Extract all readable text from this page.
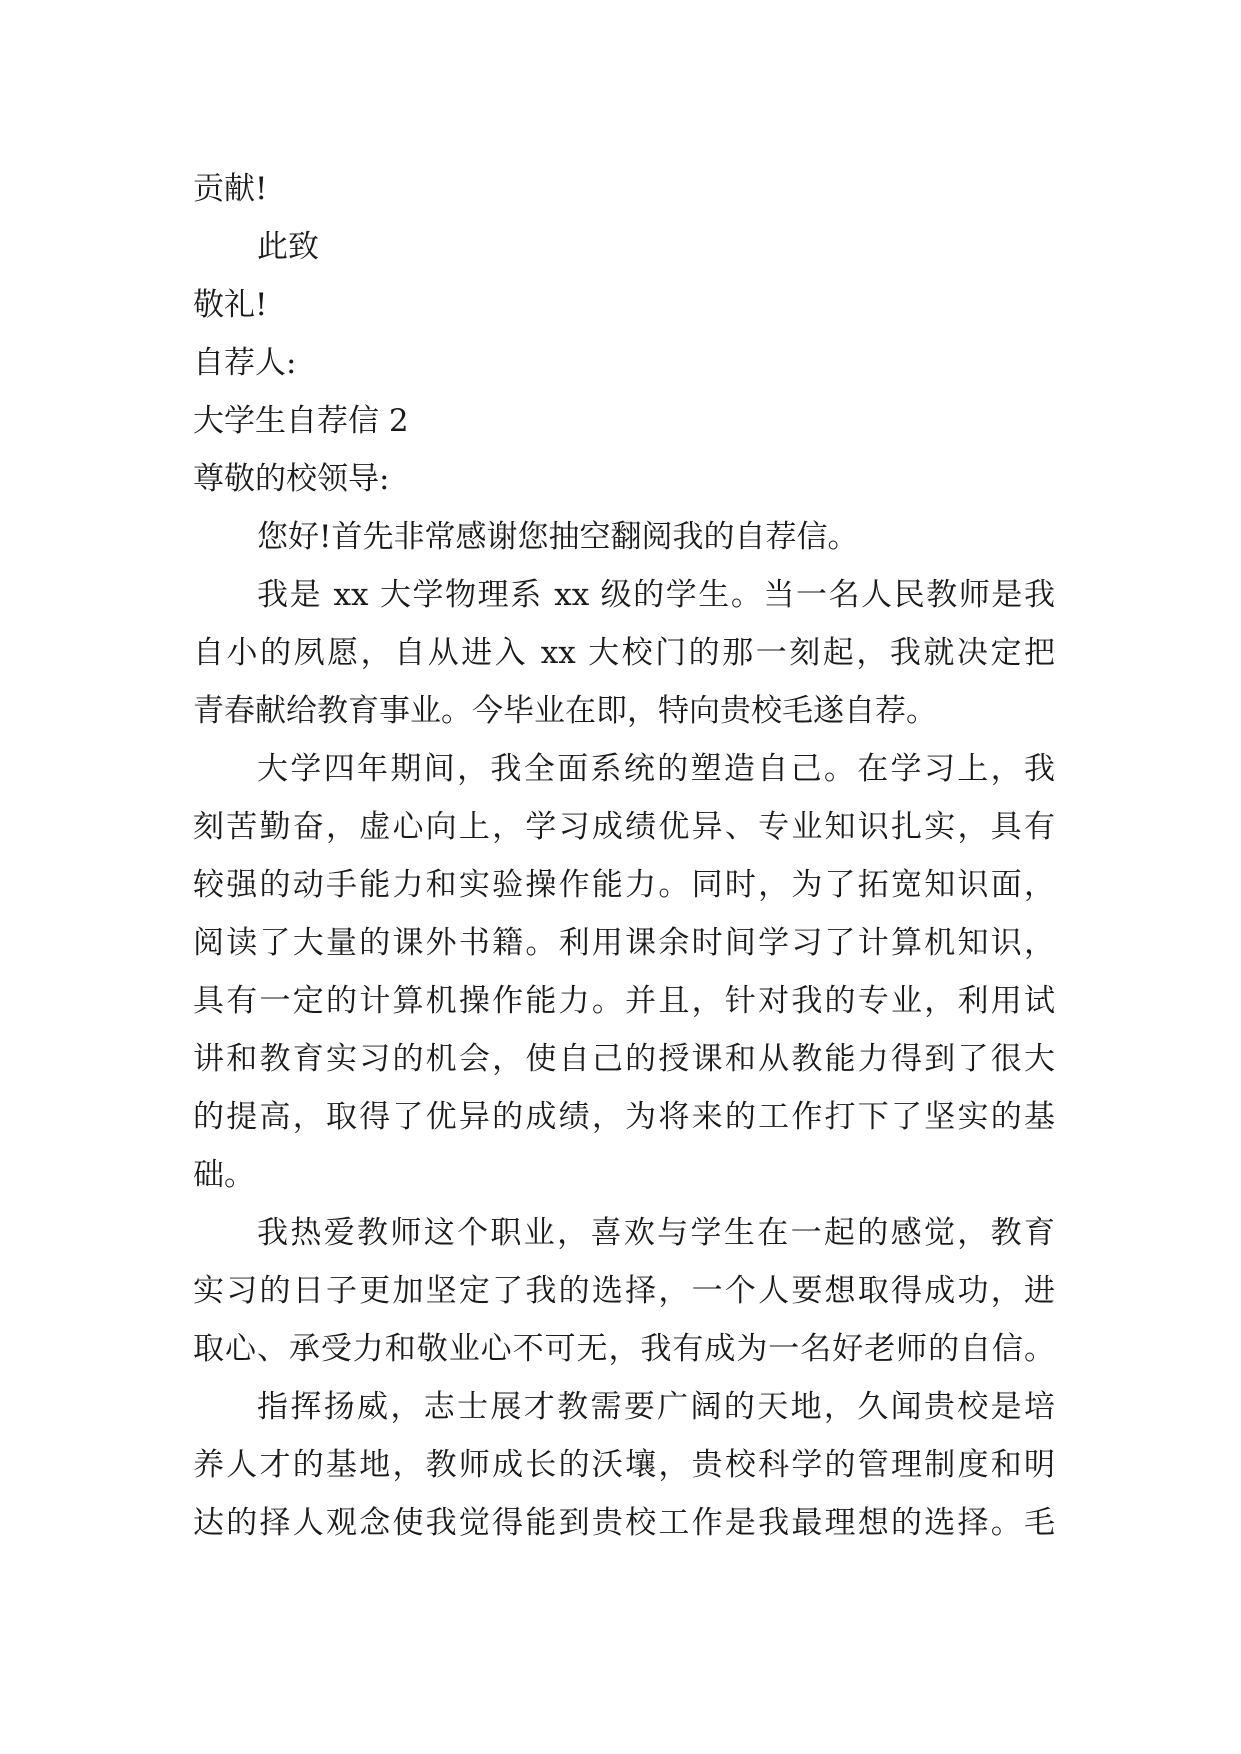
贡献!
此致
敬礼!
自荐人:
大学生自荐信 2
尊敬的校领导:
您好!首先非常感谢您抽空翻阅我的自荐信。
我是 xx 大学物理系 xx 级的学生。当一名人民教师是我
自小的夙愿，自从进入 xx 大校门的那一刻起，我就决定把
青春献给教育事业。今毕业在即，特向贵校毛遂自荐。
大学四年期间，我全面系统的塑造自己。在学习上，我
刻苦勤奋，虚心向上，学习成绩优异、专业知识扎实，具有
较强的动手能力和实验操作能力。同时，为了拓宽知识面，
阅读了大量的课外书籍。利用课余时间学习了计算机知识，
具有一定的计算机操作能力。并且，针对我的专业，利用试
讲和教育实习的机会，使自己的授课和从教能力得到了很大
的提高，取得了优异的成绩，为将来的工作打下了坚实的基
础。
我热爱教师这个职业，喜欢与学生在一起的感觉，教育
实习的日子更加坚定了我的选择，一个人要想取得成功，进
取心、承受力和敬业心不可无，我有成为一名好老师的自信。
指挥扬威，志士展才教需要广阔的天地，久闻贵校是培
养人才的基地，教师成长的沃壤，贵校科学的管理制度和明
达的择人观念使我觉得能到贵校工作是我最理想的选择。毛
